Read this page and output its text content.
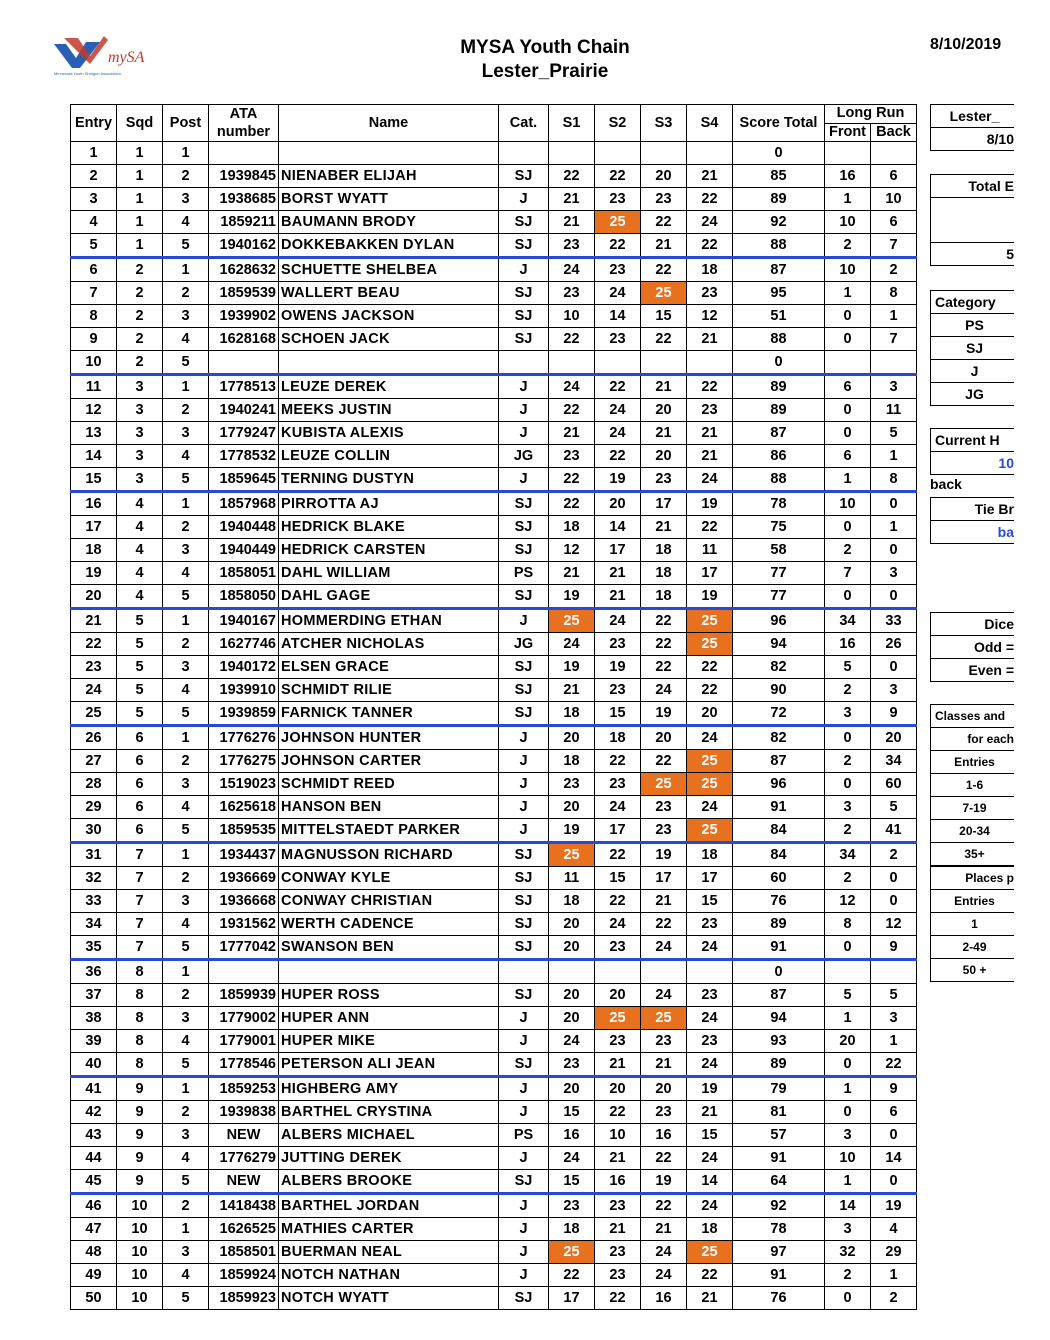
mySA
Minnesota Youth Shotgun Association
MYSA Youth Chain
Lester_Prairie
8/10/2019
Entry	Sqd	Post	ATA number	Name	Cat.	S1	S2	S3	S4	Score Total	Long Run	
											Front	Back
1	1	1								0		
2	1	2	1939845	NIENABER ELIJAH	SJ	22	22	20	21	85	16	6
3	1	3	1938685	BORST WYATT	J	21	23	23	22	89	1	10
4	1	4	1859211	BAUMANN BRODY	SJ	21	25	22	24	92	10	6
5	1	5	1940162	DOKKEBAKKEN DYLAN	SJ	23	22	21	22	88	2	7
6	2	1	1628632	SCHUETTE SHELBEA	J	24	23	22	18	87	10	2
7	2	2	1859539	WALLERT BEAU	SJ	23	24	25	23	95	1	8
8	2	3	1939902	OWENS JACKSON	SJ	10	14	15	12	51	0	1
9	2	4	1628168	SCHOEN JACK	SJ	22	23	22	21	88	0	7
10	2	5								0		
11	3	1	1778513	LEUZE DEREK	J	24	22	21	22	89	6	3
12	3	2	1940241	MEEKS JUSTIN	J	22	24	20	23	89	0	11
13	3	3	1779247	KUBISTA ALEXIS	J	21	24	21	21	87	0	5
14	3	4	1778532	LEUZE COLLIN	JG	23	22	20	21	86	6	1
15	3	5	1859645	TERNING DUSTYN	J	22	19	23	24	88	1	8
16	4	1	1857968	PIRROTTA AJ	SJ	22	20	17	19	78	10	0
17	4	2	1940448	HEDRICK BLAKE	SJ	18	14	21	22	75	0	1
18	4	3	1940449	HEDRICK CARSTEN	SJ	12	17	18	11	58	2	0
19	4	4	1858051	DAHL WILLIAM	PS	21	21	18	17	77	7	3
20	4	5	1858050	DAHL GAGE	SJ	19	21	18	19	77	0	0
21	5	1	1940167	HOMMERDING ETHAN	J	25	24	22	25	96	34	33
22	5	2	1627746	ATCHER NICHOLAS	JG	24	23	22	25	94	16	26
23	5	3	1940172	ELSEN GRACE	SJ	19	19	22	22	82	5	0
24	5	4	1939910	SCHMIDT RILIE	SJ	21	23	24	22	90	2	3
25	5	5	1939859	FARNICK TANNER	SJ	18	15	19	20	72	3	9
26	6	1	1776276	JOHNSON HUNTER	J	20	18	20	24	82	0	20
27	6	2	1776275	JOHNSON CARTER	J	18	22	22	25	87	2	34
28	6	3	1519023	SCHMIDT REED	J	23	23	25	25	96	0	60
29	6	4	1625618	HANSON BEN	J	20	24	23	24	91	3	5
30	6	5	1859535	MITTELSTAEDT PARKER	J	19	17	23	25	84	2	41
31	7	1	1934437	MAGNUSSON RICHARD	SJ	25	22	19	18	84	34	2
32	7	2	1936669	CONWAY KYLE	SJ	11	15	17	17	60	2	0
33	7	3	1936668	CONWAY CHRISTIAN	SJ	18	22	21	15	76	12	0
34	7	4	1931562	WERTH CADENCE	SJ	20	24	22	23	89	8	12
35	7	5	1777042	SWANSON BEN	SJ	20	23	24	24	91	0	9
36	8	1								0		
37	8	2	1859939	HUPER ROSS	SJ	20	20	24	23	87	5	5
38	8	3	1779002	HUPER ANN	J	20	25	25	24	94	1	3
39	8	4	1779001	HUPER MIKE	J	24	23	23	23	93	20	1
40	8	5	1778546	PETERSON ALI JEAN	SJ	23	21	21	24	89	0	22
41	9	1	1859253	HIGHBERG AMY	J	20	20	20	19	79	1	9
42	9	2	1939838	BARTHEL CRYSTINA	J	15	22	23	21	81	0	6
43	9	3	NEW	ALBERS MICHAEL	PS	16	10	16	15	57	3	0
44	9	4	1776279	JUTTING DEREK	J	24	21	22	24	91	10	14
45	9	5	NEW	ALBERS BROOKE	SJ	15	16	19	14	64	1	0
46	10	2	1418438	BARTHEL JORDAN	J	23	23	22	24	92	14	19
47	10	1	1626525	MATHIES CARTER	J	18	21	21	18	78	3	4
48	10	3	1858501	BUERMAN NEAL	J	25	23	24	25	97	32	29
49	10	4	1859924	NOTCH NATHAN	J	22	23	24	22	91	2	1
50	10	5	1859923	NOTCH WYATT	SJ	17	22	16	21	76	0	2
Lester_
8/10
Total E
5
Category
PS
SJ
J
JG
Current H
10
back
Tie Br
ba
Dice
Odd =
Even =
Classes and
for each
Entries
1-6
7-19
20-34
35+
Places p
Entries
1
2-49
50 +
